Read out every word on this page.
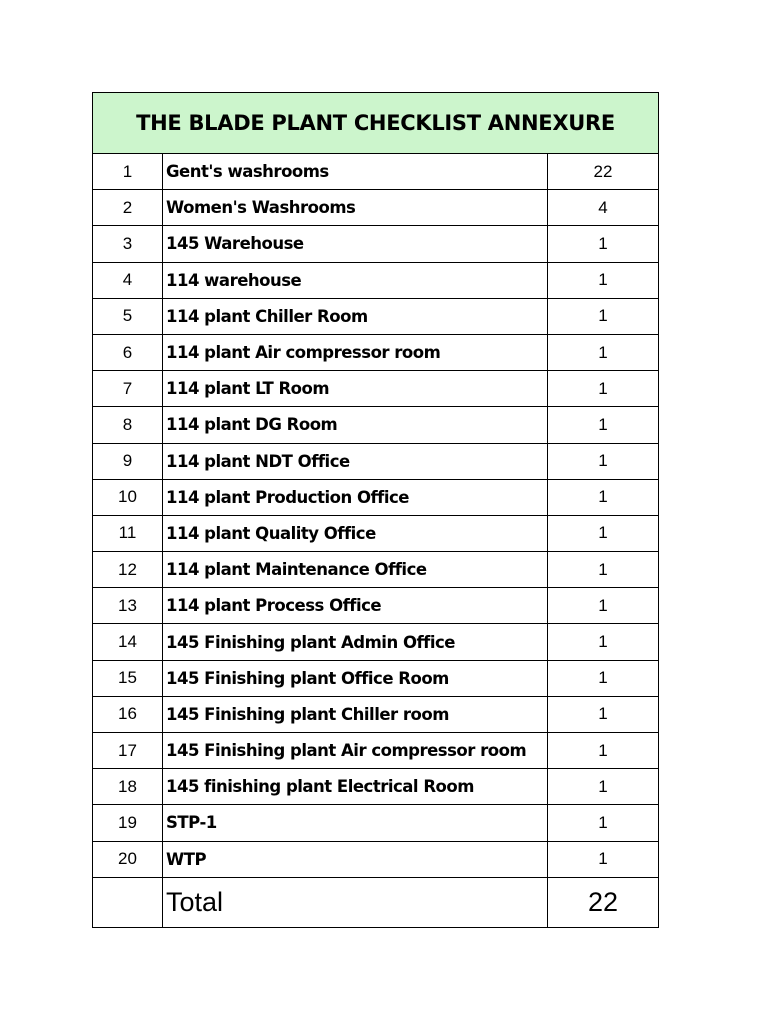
THE BLADE PLANT CHECKLIST ANNEXURE		
1	Gent's washrooms	22
2	Women's Washrooms	4
3	145 Warehouse	1
4	114 warehouse	1
5	114 plant Chiller Room	1
6	114 plant Air compressor room	1
7	114 plant LT Room	1
8	114 plant DG Room	1
9	114 plant NDT Office	1
10	114 plant Production Office	1
11	114 plant Quality Office	1
12	114 plant Maintenance Office	1
13	114 plant Process Office	1
14	145 Finishing plant Admin Office	1
15	145 Finishing plant Office Room	1
16	145 Finishing plant Chiller room	1
17	145 Finishing plant Air compressor room	1
18	145 finishing plant Electrical Room	1
19	STP-1	1
20	WTP	1
	Total	22
